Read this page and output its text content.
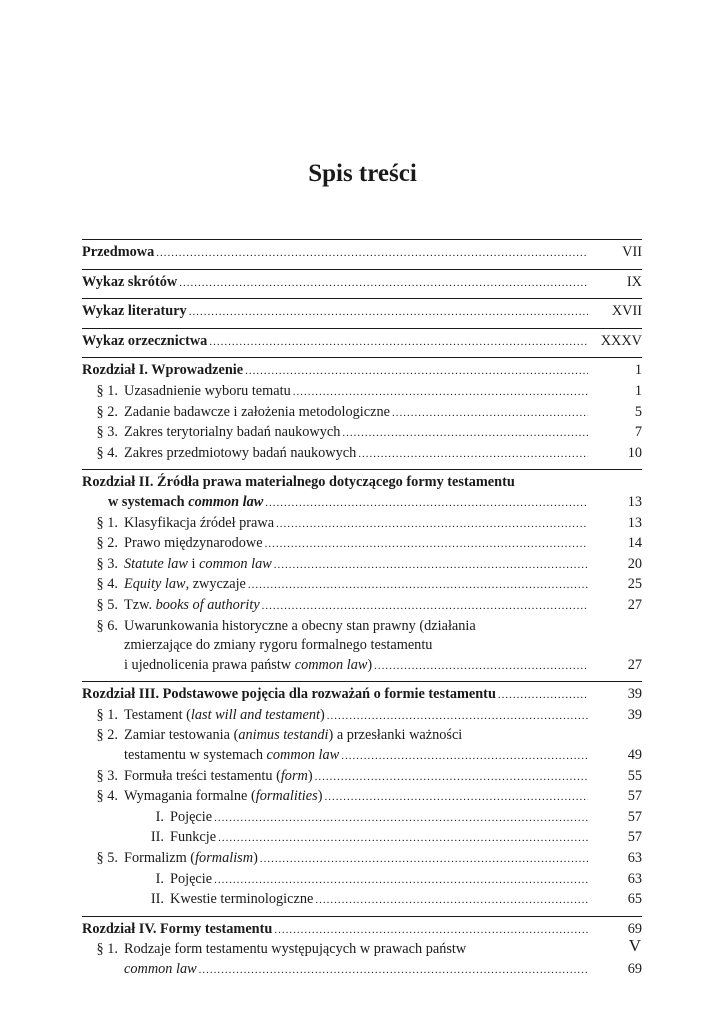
Spis treści
Przedmowa .....	VII
Wykaz skrótów .....	IX
Wykaz literatury .....	XVII
Wykaz orzecznictwa .....	XXXV
Rozdział I. Wprowadzenie .....	1
§ 1. Uzasadnienie wyboru tematu .....	1
§ 2. Zadanie badawcze i założenia metodologiczne .....	5
§ 3. Zakres terytorialny badań naukowych .....	7
§ 4. Zakres przedmiotowy badań naukowych .....	10
Rozdział II. Źródła prawa materialnego dotyczącego formy testamentu
w systemach common law .....	13
§ 1. Klasyfikacja źródeł prawa .....	13
§ 2. Prawo międzynarodowe .....	14
§ 3. Statute law i common law .....	20
§ 4. Equity law, zwyczaje .....	25
§ 5. Tzw. books of authority .....	27
§ 6. Uwarunkowania historyczne a obecny stan prawny (działania
zmierzające do zmiany rygoru formalnego testamentu
i ujednolicenia prawa państw common law) .....	27
Rozdział III. Podstawowe pojęcia dla rozważań o formie testamentu .....	39
§ 1. Testament (last will and testament) .....	39
§ 2. Zamiar testowania (animus testandi) a przesłanki ważności
testamentu w systemach common law .....	49
§ 3. Formuła treści testamentu (form) .....	55
§ 4. Wymagania formalne (formalities) .....	57
I. Pojęcie .....	57
II. Funkcje .....	57
§ 5. Formalizm (formalism) .....	63
I. Pojęcie .....	63
II. Kwestie terminologiczne .....	65
Rozdział IV. Formy testamentu .....	69
§ 1. Rodzaje form testamentu występujących w prawach państw
common law .....	69
V
